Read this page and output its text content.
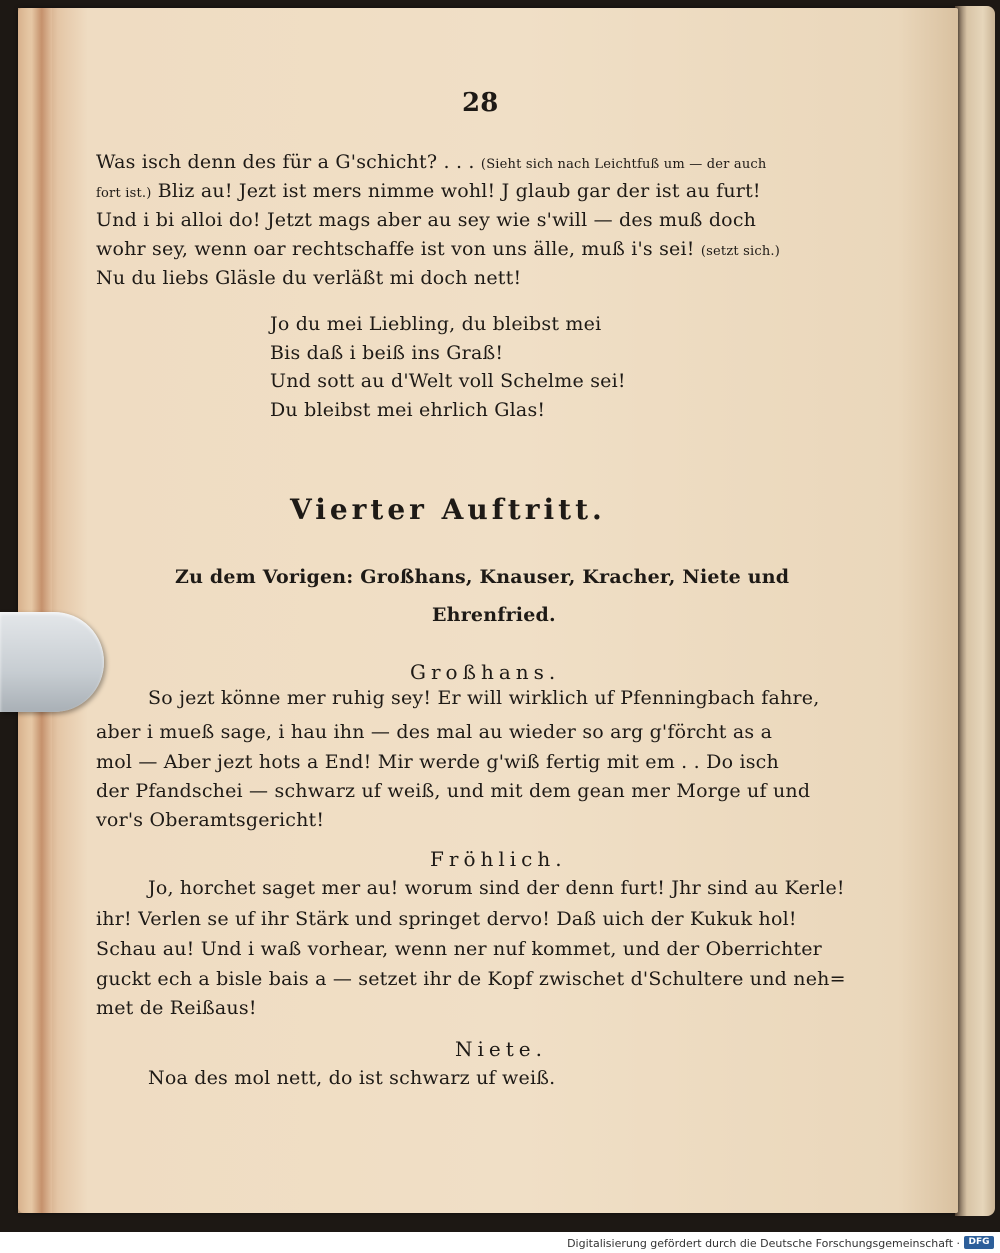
28
Was isch denn des für a G'schicht? . . . (Sieht sich nach Leichtfuß um — der auch
fort ist.) Bliz au! Jezt ist mers nimme wohl! J glaub gar der ist au furt!
Und i bi alloi do! Jetzt mags aber au sey wie s'will — des muß doch
wohr sey, wenn oar rechtschaffe ist von uns älle, muß i's sei! (setzt sich.)
Nu du liebs Gläsle du verläßt mi doch nett!
Jo du mei Liebling, du bleibst mei
Bis daß i beiß ins Graß!
Und sott au d'Welt voll Schelme sei!
Du bleibst mei ehrlich Glas!
Vierter Auftritt.
Zu dem Vorigen: Großhans, Knauser, Kracher, Niete und
Ehrenfried.
Großhans.
So jezt könne mer ruhig sey! Er will wirklich uf Pfenningbach fahre,
aber i mueß sage, i hau ihn — des mal au wieder so arg g'förcht as a
mol — Aber jezt hots a End! Mir werde g'wiß fertig mit em . . Do isch
der Pfandschei — schwarz uf weiß, und mit dem gean mer Morge uf und
vor's Oberamtsgericht!
Fröhlich.
Jo, horchet saget mer au! worum sind der denn furt! Jhr sind au Kerle!
ihr! Verlen se uf ihr Stärk und springet dervo! Daß uich der Kukuk hol!
Schau au! Und i waß vorhear, wenn ner nuf kommet, und der Oberrichter
guckt ech a bisle bais a — setzet ihr de Kopf zwischet d'Schultere und neh=
met de Reißaus!
Niete.
Noa des mol nett, do ist schwarz uf weiß.
Digitalisierung gefördert durch die Deutsche Forschungsgemeinschaft · DFG
